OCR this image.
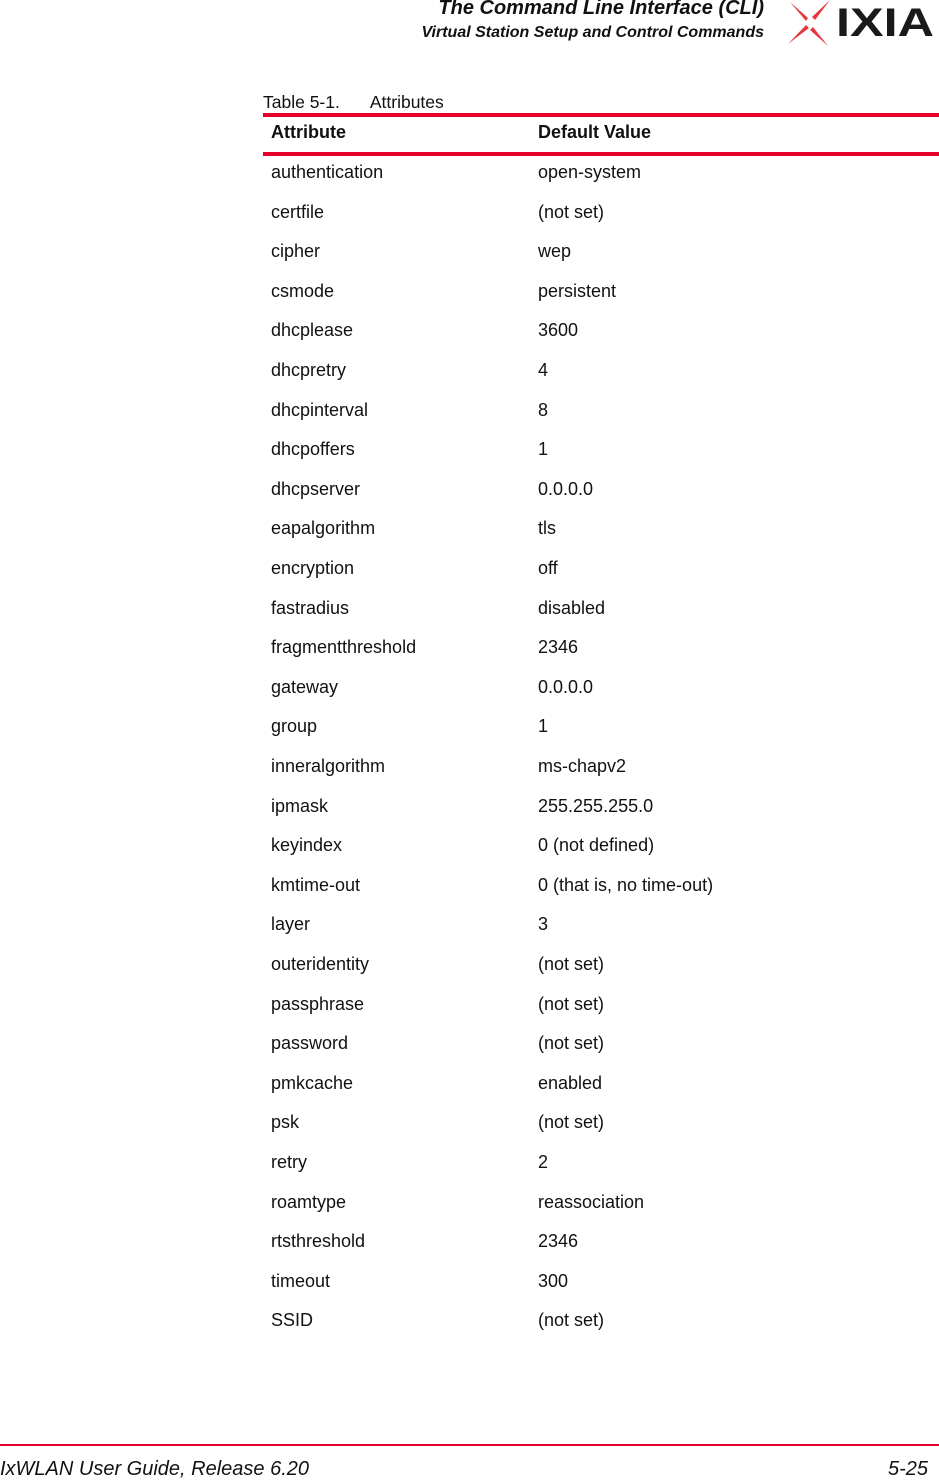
The Command Line Interface (CLI)
Virtual Station Setup and Control Commands IXIA
Table 5-1. Attributes
Attribute	Default Value
authentication	open-system
certfile	(not set)
cipher	wep
csmode	persistent
dhcplease	3600
dhcpretry	4
dhcpinterval	8
dhcpoffers	1
dhcpserver	0.0.0.0
eapalgorithm	tls
encryption	off
fastradius	disabled
fragmentthreshold	2346
gateway	0.0.0.0
group	1
inneralgorithm	ms-chapv2
ipmask	255.255.255.0
keyindex	0 (not defined)
kmtime-out	0 (that is, no time-out)
layer	3
outeridentity	(not set)
passphrase	(not set)
password	(not set)
pmkcache	enabled
psk	(not set)
retry	2
roamtype	reassociation
rtsthreshold	2346
timeout	300
SSID	(not set)
IxWLAN User Guide, Release 6.20	5-25
